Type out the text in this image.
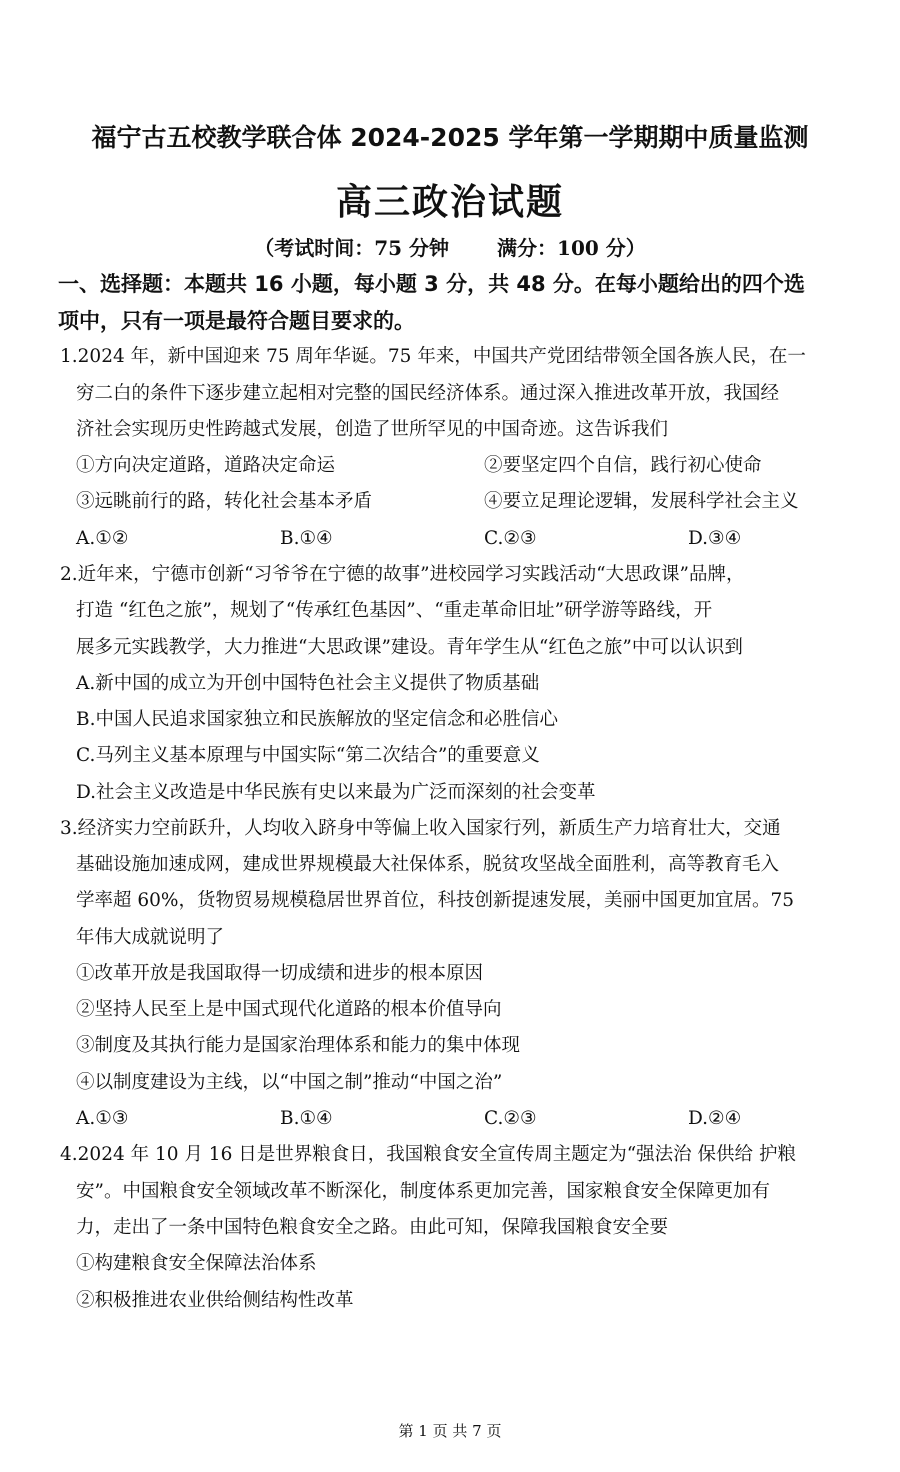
福宁古五校教学联合体 2024-2025 学年第一学期期中质量监测
高三政治试题
（考试时间：75 分钟 满分：100 分）
一、选择题：本题共 16 小题，每小题 3 分，共 48 分。在每小题给出的四个选
项中，只有一项是最符合题目要求的。
1.2024 年，新中国迎来 75 周年华诞。75 年来，中国共产党团结带领全国各族人民，在一
穷二白的条件下逐步建立起相对完整的国民经济体系。通过深入推进改革开放，我国经
济社会实现历史性跨越式发展，创造了世所罕见的中国奇迹。这告诉我们
①方向决定道路，道路决定命运	②要坚定四个自信，践行初心使命
③远眺前行的路，转化社会基本矛盾	④要立足理论逻辑，发展科学社会主义
A.①②	B.①④	C.②③	D.③④
2.近年来，宁德市创新“习爷爷在宁德的故事”进校园学习实践活动“大思政课”品牌，
打造 “红色之旅”，规划了“传承红色基因”、“重走革命旧址”研学游等路线，开
展多元实践教学，大力推进“大思政课”建设。青年学生从“红色之旅”中可以认识到
A.新中国的成立为开创中国特色社会主义提供了物质基础
B.中国人民追求国家独立和民族解放的坚定信念和必胜信心
C.马列主义基本原理与中国实际“第二次结合”的重要意义
D.社会主义改造是中华民族有史以来最为广泛而深刻的社会变革
3.经济实力空前跃升，人均收入跻身中等偏上收入国家行列，新质生产力培育壮大，交通
基础设施加速成网，建成世界规模最大社保体系，脱贫攻坚战全面胜利，高等教育毛入
学率超 60%，货物贸易规模稳居世界首位，科技创新提速发展，美丽中国更加宜居。75
年伟大成就说明了
①改革开放是我国取得一切成绩和进步的根本原因
②坚持人民至上是中国式现代化道路的根本价值导向
③制度及其执行能力是国家治理体系和能力的集中体现
④以制度建设为主线，以“中国之制”推动“中国之治”
A.①③	B.①④	C.②③	D.②④
4.2024 年 10 月 16 日是世界粮食日，我国粮食安全宣传周主题定为“强法治 保供给 护粮
安”。中国粮食安全领域改革不断深化，制度体系更加完善，国家粮食安全保障更加有
力，走出了一条中国特色粮食安全之路。由此可知，保障我国粮食安全要
①构建粮食安全保障法治体系
②积极推进农业供给侧结构性改革
第 1 页 共 7 页
